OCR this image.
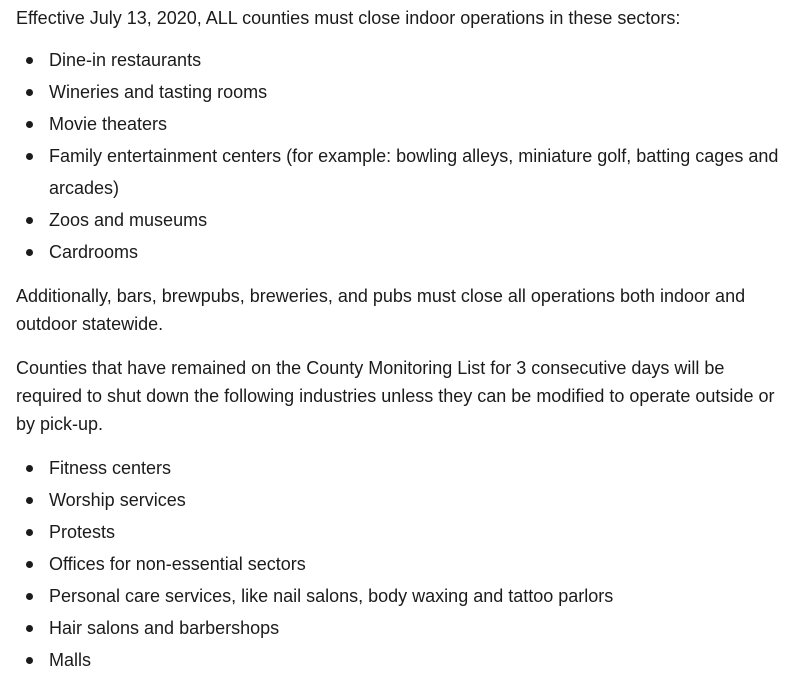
Effective July 13, 2020, ALL counties must close indoor operations in these sectors:

Dine-in restaurants
Wineries and tasting rooms
Movie theaters
Family entertainment centers (for example: bowling alleys, miniature golf, batting cages and arcades)
Zoos and museums
Cardrooms

Additionally, bars, brewpubs, breweries, and pubs must close all operations both indoor and outdoor statewide.

Counties that have remained on the County Monitoring List for 3 consecutive days will be required to shut down the following industries unless they can be modified to operate outside or by pick-up.

Fitness centers
Worship services
Protests
Offices for non-essential sectors
Personal care services, like nail salons, body waxing and tattoo parlors
Hair salons and barbershops
Malls
